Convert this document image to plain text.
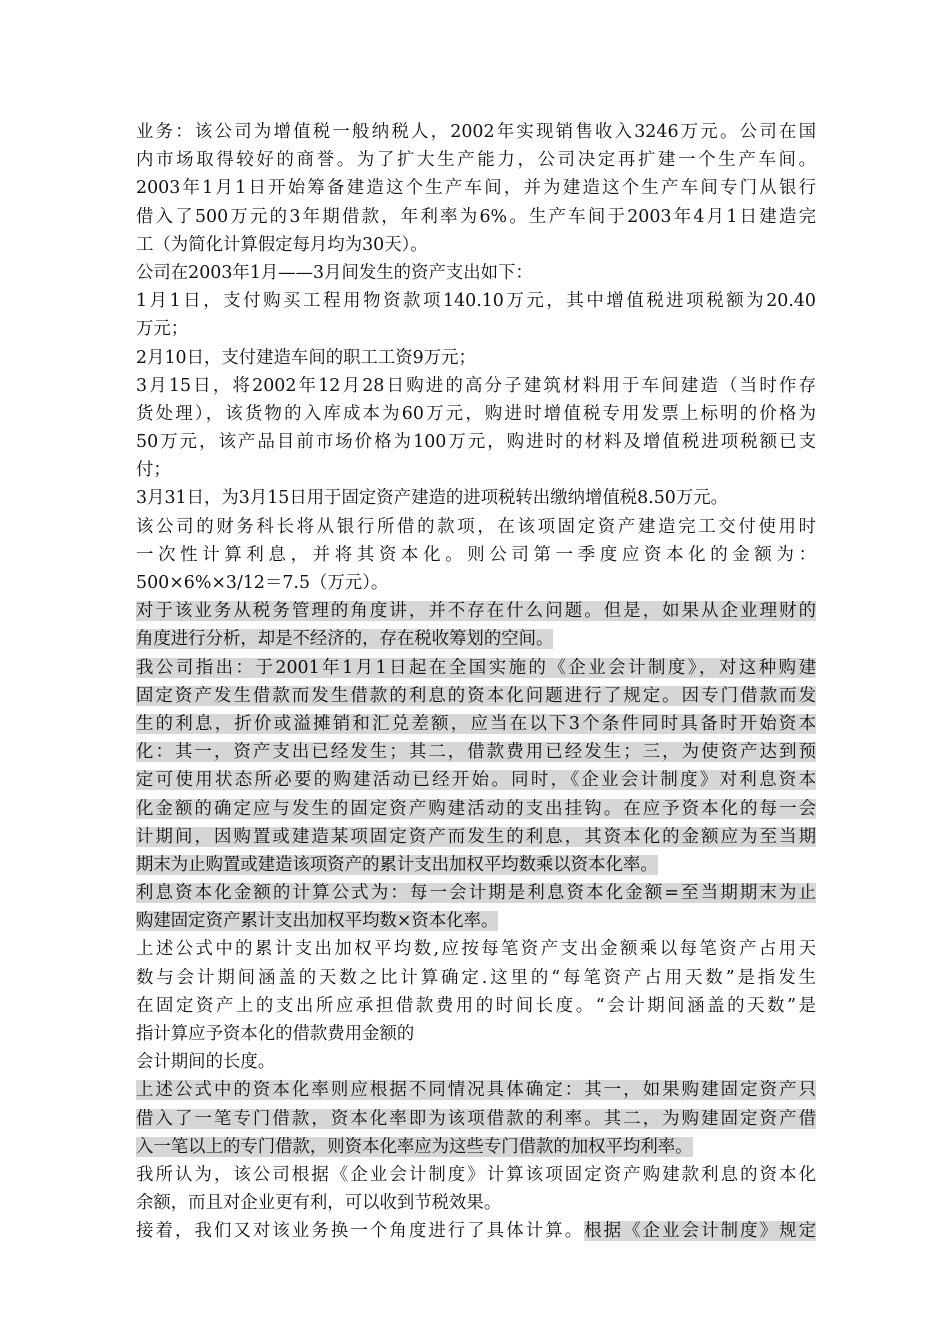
业务：该公司为增值税一般纳税人，2002年实现销售收入3246万元。公司在国
内市场取得较好的商誉。为了扩大生产能力，公司决定再扩建一个生产车间。
2003年1月1日开始筹备建造这个生产车间，并为建造这个生产车间专门从银行
借入了500万元的3年期借款，年利率为6%。生产车间于2003年4月1日建造完
工（为简化计算假定每月均为30天）。
公司在2003年1月——3月间发生的资产支出如下：
1月1日，支付购买工程用物资款项140.10万元，其中增值税进项税额为20.40
万元；
2月10日，支付建造车间的职工工资9万元；
3月15日，将2002年12月28日购进的高分子建筑材料用于车间建造（当时作存
货处理），该货物的入库成本为60万元，购进时增值税专用发票上标明的价格为
50万元，该产品目前市场价格为100万元，购进时的材料及增值税进项税额已支
付；
3月31日，为3月15日用于固定资产建造的进项税转出缴纳增值税8.50万元。
该公司的财务科长将从银行所借的款项，在该项固定资产建造完工交付使用时
一次性计算利息，并将其资本化。则公司第一季度应资本化的金额为：
500×6%×3/12＝7.5（万元）。
对于该业务从税务管理的角度讲，并不存在什么问题。但是，如果从企业理财的
角度进行分析，却是不经济的，存在税收筹划的空间。
我公司指出：于2001年1月1日起在全国实施的《企业会计制度》，对这种购建
固定资产发生借款而发生借款的利息的资本化问题进行了规定。因专门借款而发
生的利息，折价或溢摊销和汇兑差额，应当在以下3个条件同时具备时开始资本
化：其一，资产支出已经发生；其二，借款费用已经发生；三，为使资产达到预
定可使用状态所必要的购建活动已经开始。同时，《企业会计制度》对利息资本
化金额的确定应与发生的固定资产购建活动的支出挂钩。在应予资本化的每一会
计期间，因购置或建造某项固定资产而发生的利息，其资本化的金额应为至当期
期末为止购置或建造该项资产的累计支出加权平均数乘以资本化率。
利息资本化金额的计算公式为：每一会计期是利息资本化金额=至当期期末为止
购建固定资产累计支出加权平均数×资本化率。
上述公式中的累计支出加权平均数,应按每笔资产支出金额乘以每笔资产占用天
数与会计期间涵盖的天数之比计算确定.这里的“每笔资产占用天数”是指发生
在固定资产上的支出所应承担借款费用的时间长度。“会计期间涵盖的天数”是
指计算应予资本化的借款费用金额的
会计期间的长度。
上述公式中的资本化率则应根据不同情况具体确定：其一，如果购建固定资产只
借入了一笔专门借款，资本化率即为该项借款的利率。其二，为购建固定资产借
入一笔以上的专门借款，则资本化率应为这些专门借款的加权平均利率。
我所认为，该公司根据《企业会计制度》计算该项固定资产购建款利息的资本化
余额，而且对企业更有利，可以收到节税效果。
接着，我们又对该业务换一个角度进行了具体计算。根据《企业会计制度》规定
